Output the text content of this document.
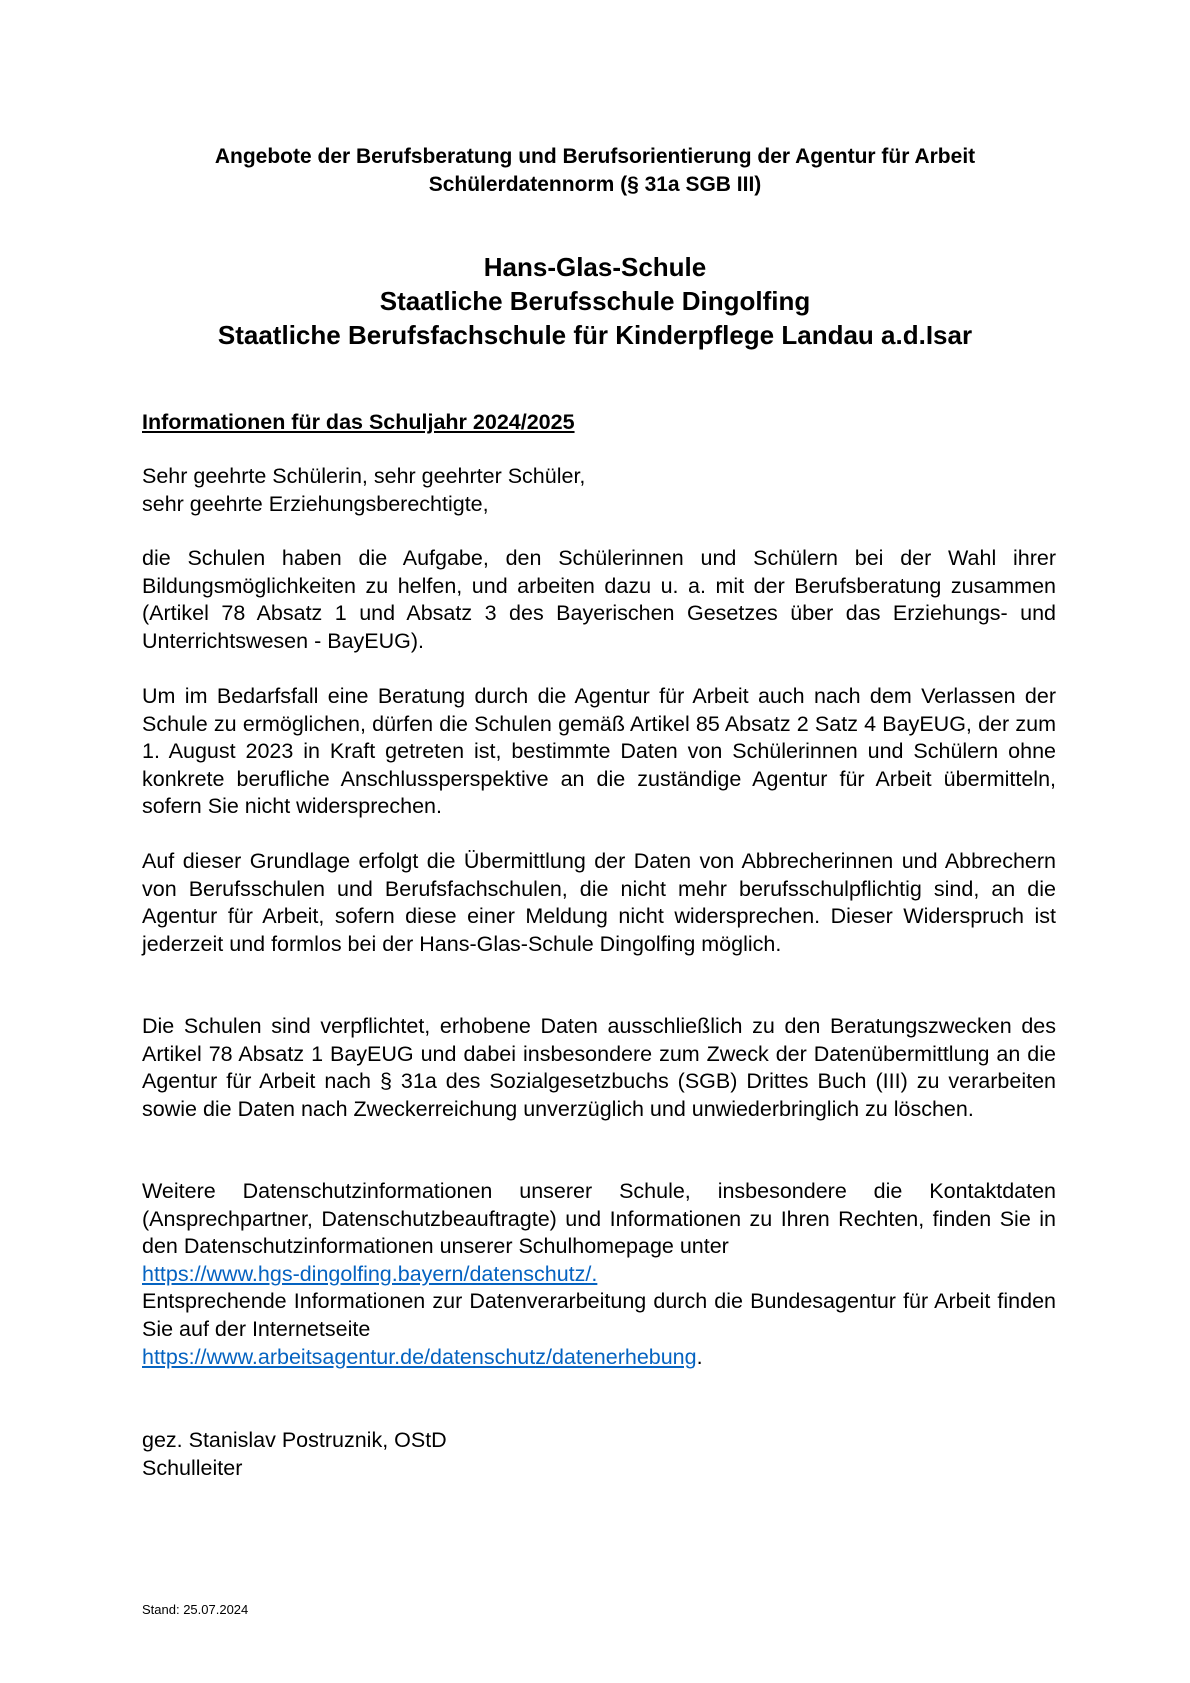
Angebote der Berufsberatung und Berufsorientierung der Agentur für Arbeit
Schülerdatennorm (§ 31a SGB III)
Hans-Glas-Schule
Staatliche Berufsschule Dingolfing
Staatliche Berufsfachschule für Kinderpflege Landau a.d.Isar
Informationen für das Schuljahr 2024/2025
Sehr geehrte Schülerin, sehr geehrter Schüler,
sehr geehrte Erziehungsberechtigte,
die Schulen haben die Aufgabe, den Schülerinnen und Schülern bei der Wahl ihrer Bildungsmöglichkeiten zu helfen, und arbeiten dazu u. a. mit der Berufsberatung zusammen (Artikel 78 Absatz 1 und Absatz 3 des Bayerischen Gesetzes über das Erziehungs- und Unterrichtswesen - BayEUG).
Um im Bedarfsfall eine Beratung durch die Agentur für Arbeit auch nach dem Verlassen der Schule zu ermöglichen, dürfen die Schulen gemäß Artikel 85 Absatz 2 Satz 4 BayEUG, der zum 1. August 2023 in Kraft getreten ist, bestimmte Daten von Schülerinnen und Schülern ohne konkrete berufliche Anschlussperspektive an die zuständige Agentur für Arbeit übermitteln, sofern Sie nicht widersprechen.
Auf dieser Grundlage erfolgt die Übermittlung der Daten von Abbrecherinnen und Abbrechern von Berufsschulen und Berufsfachschulen, die nicht mehr berufsschulpflichtig sind, an die Agentur für Arbeit, sofern diese einer Meldung nicht widersprechen. Dieser Widerspruch ist jederzeit und formlos bei der Hans-Glas-Schule Dingolfing möglich.
Die Schulen sind verpflichtet, erhobene Daten ausschließlich zu den Beratungszwecken des Artikel 78 Absatz 1 BayEUG und dabei insbesondere zum Zweck der Datenübermittlung an die Agentur für Arbeit nach § 31a des Sozialgesetzbuchs (SGB) Drittes Buch (III) zu verarbeiten sowie die Daten nach Zweckerreichung unverzüglich und unwiederbringlich zu löschen.
Weitere Datenschutzinformationen unserer Schule, insbesondere die Kontaktdaten (Ansprechpartner, Datenschutzbeauftragte) und Informationen zu Ihren Rechten, finden Sie in den Datenschutzinformationen unserer Schulhomepage unter
https://www.hgs-dingolfing.bayern/datenschutz/.
Entsprechende Informationen zur Datenverarbeitung durch die Bundesagentur für Arbeit finden Sie auf der Internetseite
https://www.arbeitsagentur.de/datenschutz/datenerhebung.
gez. Stanislav Postruznik, OStD
Schulleiter
Stand: 25.07.2024
